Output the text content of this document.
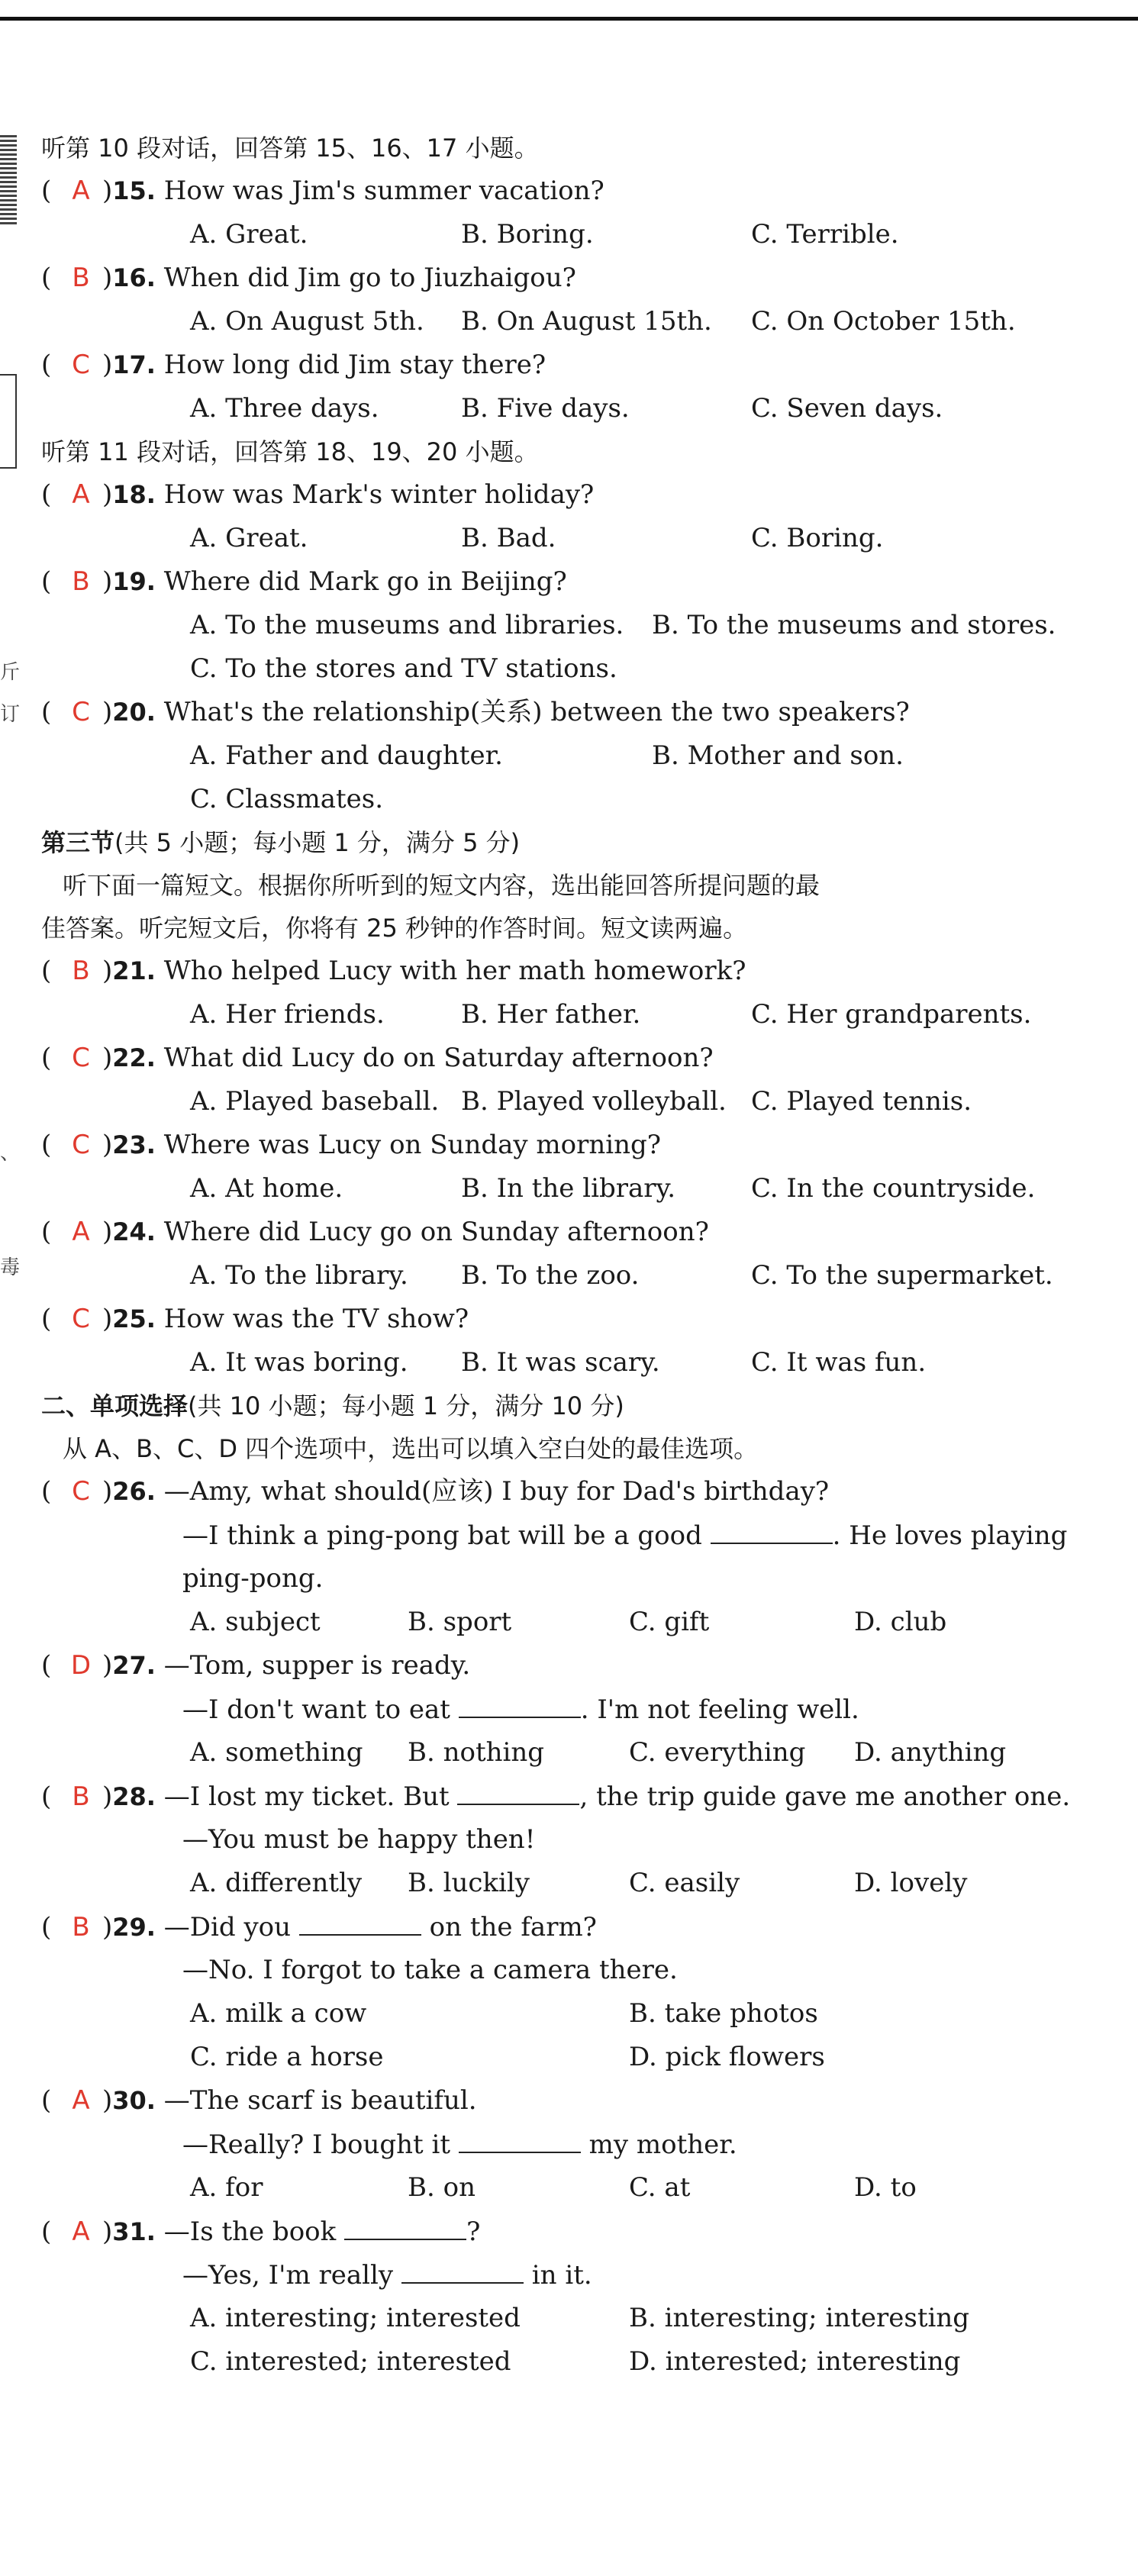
斤
订
、
毒
听第 10 段对话，回答第 15、16、17 小题。
( A )15. How was Jim's summer vacation?
A. Great.	B. Boring.	C. Terrible.
( B )16. When did Jim go to Jiuzhaigou?
A. On August 5th. B. On August 15th. C. On October 15th.
( C )17. How long did Jim stay there?
A. Three days.	B. Five days.	C. Seven days.
听第 11 段对话，回答第 18、19、20 小题。
( A )18. How was Mark's winter holiday?
A. Great.	B. Bad.	C. Boring.
( B )19. Where did Mark go in Beijing?
A. To the museums and libraries. B. To the museums and stores.
C. To the stores and TV stations.
( C )20. What's the relationship(关系) between the two speakers?
A. Father and daughter.	B. Mother and son.
C. Classmates.
第三节(共 5 小题；每小题 1 分，满分 5 分)
听下面一篇短文。根据你所听到的短文内容，选出能回答所提问题的最
佳答案。听完短文后，你将有 25 秒钟的作答时间。短文读两遍。
( B )21. Who helped Lucy with her math homework?
A. Her friends.	B. Her father.	C. Her grandparents.
( C )22. What did Lucy do on Saturday afternoon?
A. Played baseball. B. Played volleyball. C. Played tennis.
( C )23. Where was Lucy on Sunday morning?
A. At home.	B. In the library.	C. In the countryside.
( A )24. Where did Lucy go on Sunday afternoon?
A. To the library. B. To the zoo.	C. To the supermarket.
( C )25. How was the TV show?
A. It was boring. B. It was scary.	C. It was fun.
二、单项选择(共 10 小题；每小题 1 分，满分 10 分)
从 A、B、C、D 四个选项中，选出可以填入空白处的最佳选项。
( C )26. —Amy, what should(应该) I buy for Dad's birthday?
—I think a ping-pong bat will be a good	. He loves playing
ping-pong.
A. subject	B. sport	C. gift	D. club
( D )27. —Tom, supper is ready.
—I don't want to eat	. I'm not feeling well.
A. something B. nothing	C. everything D. anything
( B )28. —I lost my ticket. But	, the trip guide gave me another one.
—You must be happy then!
A. differently B. luckily	C. easily	D. lovely
( B )29. —Did you	on the farm?
—No. I forgot to take a camera there.
A. milk a cow	B. take photos
C. ride a horse	D. pick flowers
( A )30. —The scarf is beautiful.
—Really? I bought it	my mother.
A. for	B. on	C. at	D. to
( A )31. —Is the book	?
—Yes, I'm really	in it.
A. interesting; interested	B. interesting; interesting
C. interested; interested	D. interested; interesting
